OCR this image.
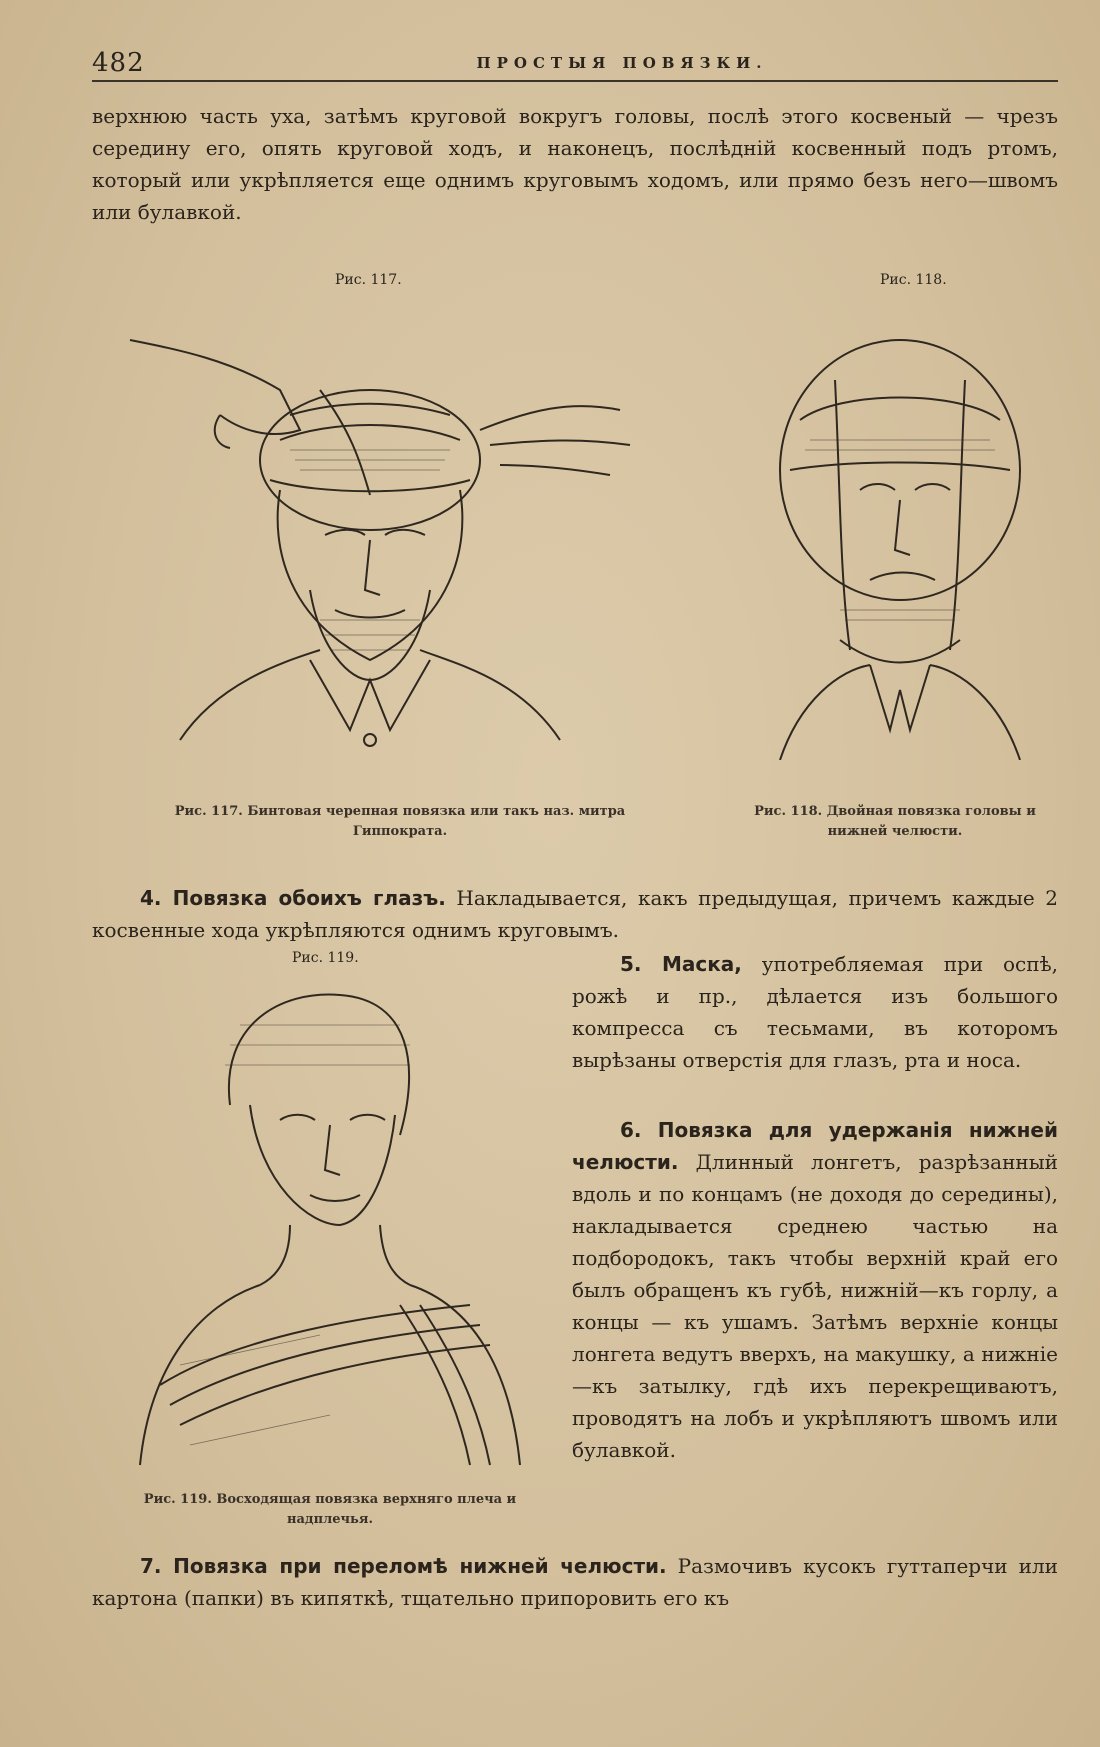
482	ПРОСТЫЯ ПОВЯЗКИ.
верхнюю часть уха, затѣмъ круговой вокругъ головы, послѣ этого косвеный — чрезъ середину его, опять круговой ходъ, и наконецъ, послѣдній косвенный подъ ртомъ, который или укрѣпляется еще однимъ круговымъ ходомъ, или прямо безъ него—швомъ или булавкой.
Рис. 117.
Рис. 117. Бинтовая черепная повязка или такъ наз. митра Гиппократа.
Рис. 118.
Рис. 118. Двойная повязка головы и нижней челюсти.
4. Повязка обоихъ глазъ. Накладывается, какъ предыдущая, причемъ каждые 2 косвенные хода укрѣпляются однимъ круговымъ.
Рис. 119.
Рис. 119. Восходящая повязка верхняго плеча и надплечья.
5. Маска, употребляемая при оспѣ, рожѣ и пр., дѣлается изъ большого компресса съ тесьмами, въ которомъ вырѣзаны отверстія для глазъ, рта и носа.
6. Повязка для удержанія нижней челюсти. Длинный лонгетъ, разрѣзанный вдоль и по концамъ (не доходя до середины), накладывается среднею частью на подбородокъ, такъ чтобы верхній край его былъ обращенъ къ губѣ, нижній—къ горлу, а концы — къ ушамъ. Затѣмъ верхніе концы лонгета ведутъ вверхъ, на макушку, а нижніе—къ затылку, гдѣ ихъ перекрещиваютъ, проводятъ на лобъ и укрѣпляютъ швомъ или булавкой.
7. Повязка при переломѣ нижней челюсти. Размочивъ кусокъ гуттаперчи или картона (папки) въ кипяткѣ, тщательно припоровить его къ
